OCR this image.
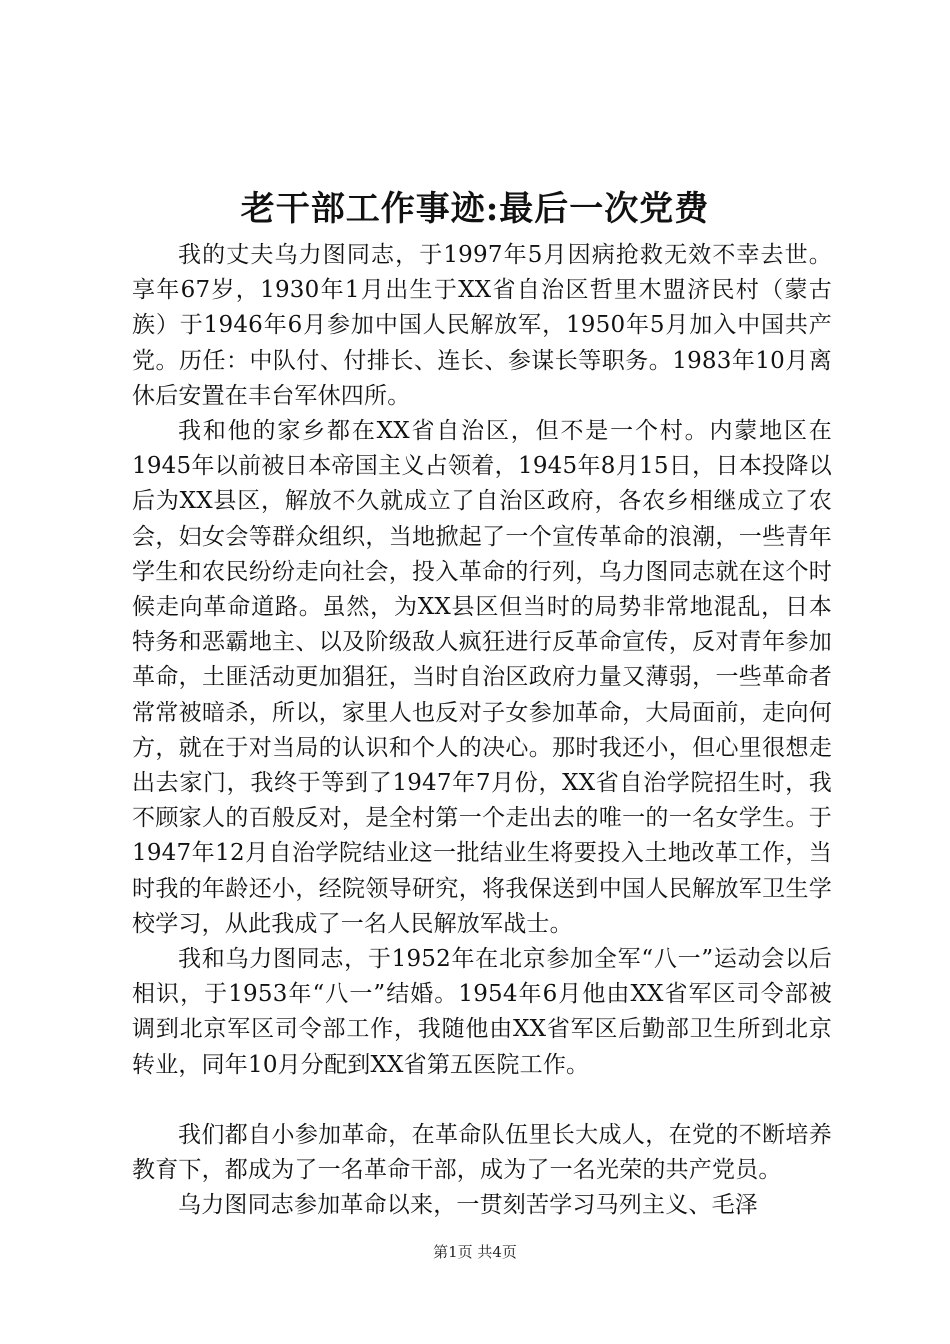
老干部工作事迹:最后一次党费

我的丈夫乌力图同志，于1997年5月因病抢救无效不幸去世。享年67岁，1930年1月出生于XX省自治区哲里木盟济民村（蒙古族）于1946年6月参加中国人民解放军，1950年5月加入中国共产党。历任：中队付、付排长、连长、参谋长等职务。1983年10月离休后安置在丰台军休四所。

我和他的家乡都在XX省自治区，但不是一个村。内蒙地区在1945年以前被日本帝国主义占领着，1945年8月15日，日本投降以后为XX县区，解放不久就成立了自治区政府，各农乡相继成立了农会，妇女会等群众组织，当地掀起了一个宣传革命的浪潮，一些青年学生和农民纷纷走向社会，投入革命的行列，乌力图同志就在这个时候走向革命道路。虽然，为XX县区但当时的局势非常地混乱，日本特务和恶霸地主、以及阶级敌人疯狂进行反革命宣传，反对青年参加革命，土匪活动更加猖狂，当时自治区政府力量又薄弱，一些革命者常常被暗杀，所以，家里人也反对子女参加革命，大局面前，走向何方，就在于对当局的认识和个人的决心。那时我还小，但心里很想走出去家门，我终于等到了1947年7月份，XX省自治学院招生时，我不顾家人的百般反对，是全村第一个走出去的唯一的一名女学生。于1947年12月自治学院结业这一批结业生将要投入土地改革工作，当时我的年龄还小，经院领导研究，将我保送到中国人民解放军卫生学校学习，从此我成了一名人民解放军战士。

我和乌力图同志，于1952年在北京参加全军“八一”运动会以后相识，于1953年“八一”结婚。1954年6月他由XX省军区司令部被调到北京军区司令部工作，我随他由XX省军区后勤部卫生所到北京转业，同年10月分配到XX省第五医院工作。

我们都自小参加革命，在革命队伍里长大成人，在党的不断培养教育下，都成为了一名革命干部，成为了一名光荣的共产党员。

乌力图同志参加革命以来，一贯刻苦学习马列主义、毛泽

第1页 共4页
